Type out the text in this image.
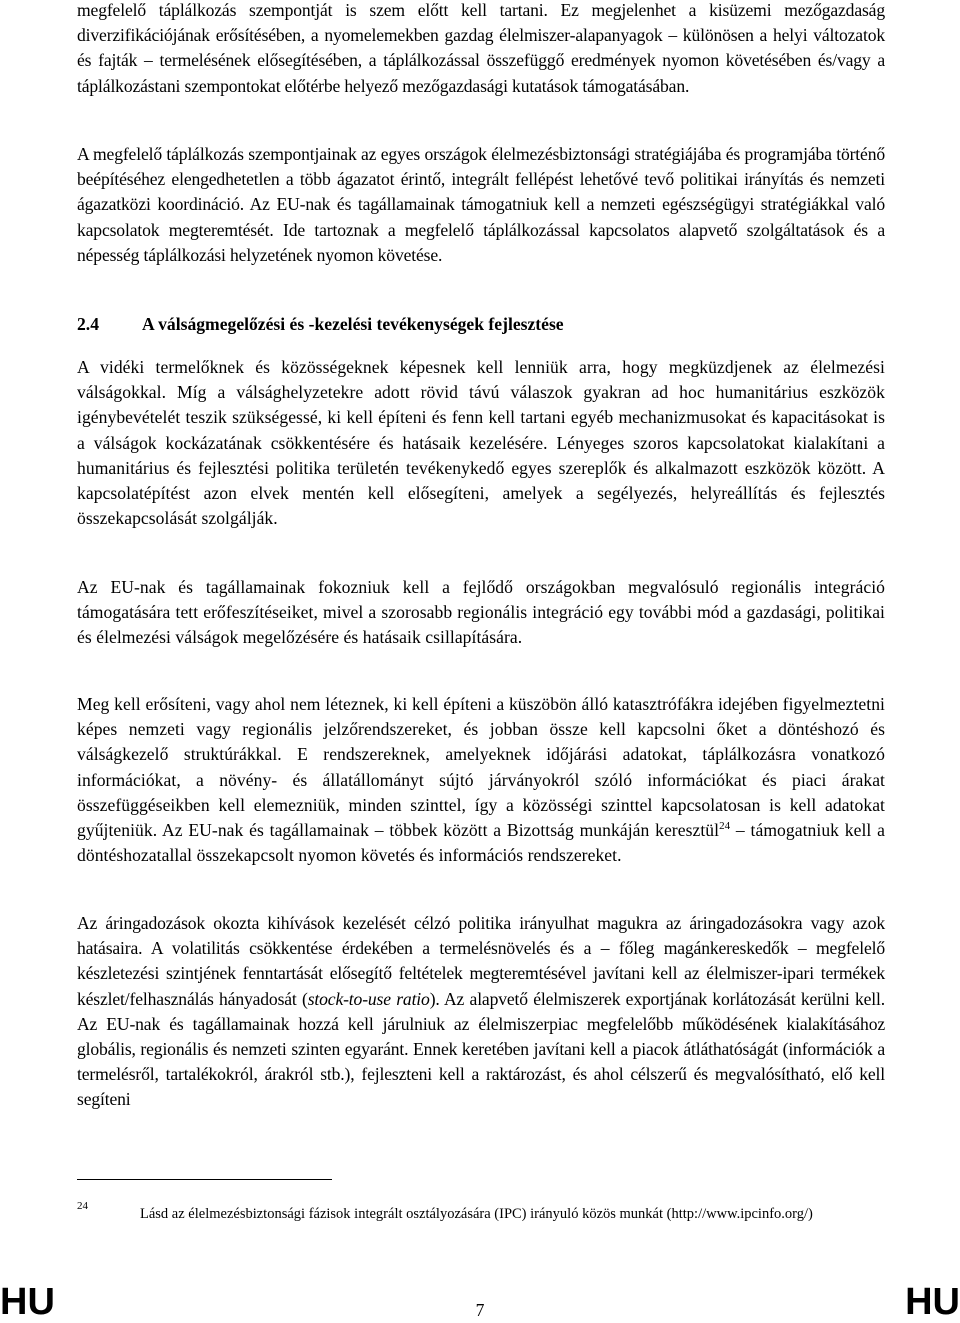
megfelelő táplálkozás szempontját is szem előtt kell tartani. Ez megjelenhet a kisüzemi mezőgazdaság diverzifikációjának erősítésében, a nyomelemekben gazdag élelmiszer-alapanyagok – különösen a helyi változatok és fajták – termelésének elősegítésében, a táplálkozással összefüggő eredmények nyomon követésében és/vagy a táplálkozástani szempontokat előtérbe helyező mezőgazdasági kutatások támogatásában.

A megfelelő táplálkozás szempontjainak az egyes országok élelmezésbiztonsági stratégiájába és programjába történő beépítéséhez elengedhetetlen a több ágazatot érintő, integrált fellépést lehetővé tevő politikai irányítás és nemzeti ágazatközi koordináció. Az EU-nak és tagállamainak támogatniuk kell a nemzeti egészségügyi stratégiákkal való kapcsolatok megteremtését. Ide tartoznak a megfelelő táplálkozással kapcsolatos alapvető szolgáltatások és a népesség táplálkozási helyzetének nyomon követése.

2.4 A válságmegelőzési és -kezelési tevékenységek fejlesztése

A vidéki termelőknek és közösségeknek képesnek kell lenniük arra, hogy megküzdjenek az élelmezési válságokkal. Míg a válsághelyzetekre adott rövid távú válaszok gyakran ad hoc humanitárius eszközök igénybevételét teszik szükségessé, ki kell építeni és fenn kell tartani egyéb mechanizmusokat és kapacitásokat is a válságok kockázatának csökkentésére és hatásaik kezelésére. Lényeges szoros kapcsolatokat kialakítani a humanitárius és fejlesztési politika területén tevékenykedő egyes szereplők és alkalmazott eszközök között. A kapcsolatépítést azon elvek mentén kell elősegíteni, amelyek a segélyezés, helyreállítás és fejlesztés összekapcsolását szolgálják.

Az EU-nak és tagállamainak fokozniuk kell a fejlődő országokban megvalósuló regionális integráció támogatására tett erőfeszítéseiket, mivel a szorosabb regionális integráció egy további mód a gazdasági, politikai és élelmezési válságok megelőzésére és hatásaik csillapítására.

Meg kell erősíteni, vagy ahol nem léteznek, ki kell építeni a küszöbön álló katasztrófákra idejében figyelmeztetni képes nemzeti vagy regionális jelzőrendszereket, és jobban össze kell kapcsolni őket a döntéshozó és válságkezelő struktúrákkal. E rendszereknek, amelyeknek időjárási adatokat, táplálkozásra vonatkozó információkat, a növény- és állatállományt sújtó járványokról szóló információkat és piaci árakat összefüggéseikben kell elemezniük, minden szinttel, így a közösségi szinttel kapcsolatosan is kell adatokat gyűjteniük. Az EU-nak és tagállamainak – többek között a Bizottság munkáján keresztül$^{24}$ – támogatniuk kell a döntéshozatallal összekapcsolt nyomon követés és információs rendszereket.

Az áringadozások okozta kihívások kezelését célzó politika irányulhat magukra az áringadozásokra vagy azok hatásaira. A volatilitás csökkentése érdekében a termelésnövelés és a – főleg magánkereskedők – megfelelő készletezési szintjének fenntartását elősegítő feltételek megteremtésével javítani kell az élelmiszer-ipari termékek készlet/felhasználás hányadosát (stock-to-use ratio). Az alapvető élelmiszerek exportjának korlátozását kerülni kell. Az EU-nak és tagállamainak hozzá kell járulniuk az élelmiszerpiac megfelelőbb működésének kialakításához globális, regionális és nemzeti szinten egyaránt. Ennek keretében javítani kell a piacok átláthatóságát (információk a termelésről, tartalékokról, árakról stb.), fejleszteni kell a raktározást, és ahol célszerű és megvalósítható, elő kell segíteni

24	Lásd az élelmezésbiztonsági fázisok integrált osztályozására (IPC) irányuló közös munkát (http://www.ipcinfo.org/)
HU	7	HU
